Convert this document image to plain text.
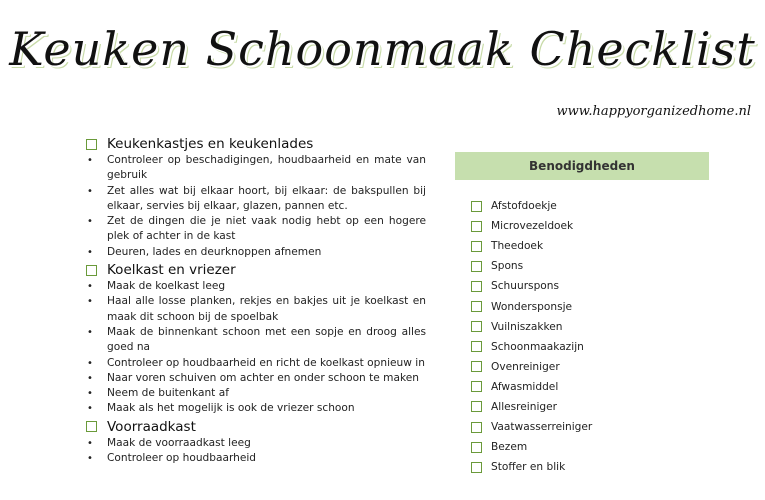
Keuken Schoonmaak Checklist
www.happyorganizedhome.nl
Keukenkastjes en keukenlades
• Controleer op beschadigingen, houdbaarheid en mate van gebruik
• Zet alles wat bij elkaar hoort, bij elkaar: de bakspullen bij elkaar, servies bij elkaar, glazen, pannen etc.
• Zet de dingen die je niet vaak nodig hebt op een hogere plek of achter in de kast
• Deuren, lades en deurknoppen afnemen
Koelkast en vriezer
• Maak de koelkast leeg
• Haal alle losse planken, rekjes en bakjes uit je koelkast en maak dit schoon bij de spoelbak
• Maak de binnenkant schoon met een sopje en droog alles goed na
• Controleer op houdbaarheid en richt de koelkast opnieuw in
• Naar voren schuiven om achter en onder schoon te maken
• Neem de buitenkant af
• Maak als het mogelijk is ook de vriezer schoon
Voorraadkast
• Maak de voorraadkast leeg
• Controleer op houdbaarheid
Benodigdheden
Afstofdoekje
Microvezeldoek
Theedoek
Spons
Schuurspons
Wondersponsje
Vuilniszakken
Schoonmaakazijn
Ovenreiniger
Afwasmiddel
Allesreiniger
Vaatwasserreiniger
Bezem
Stoffer en blik
